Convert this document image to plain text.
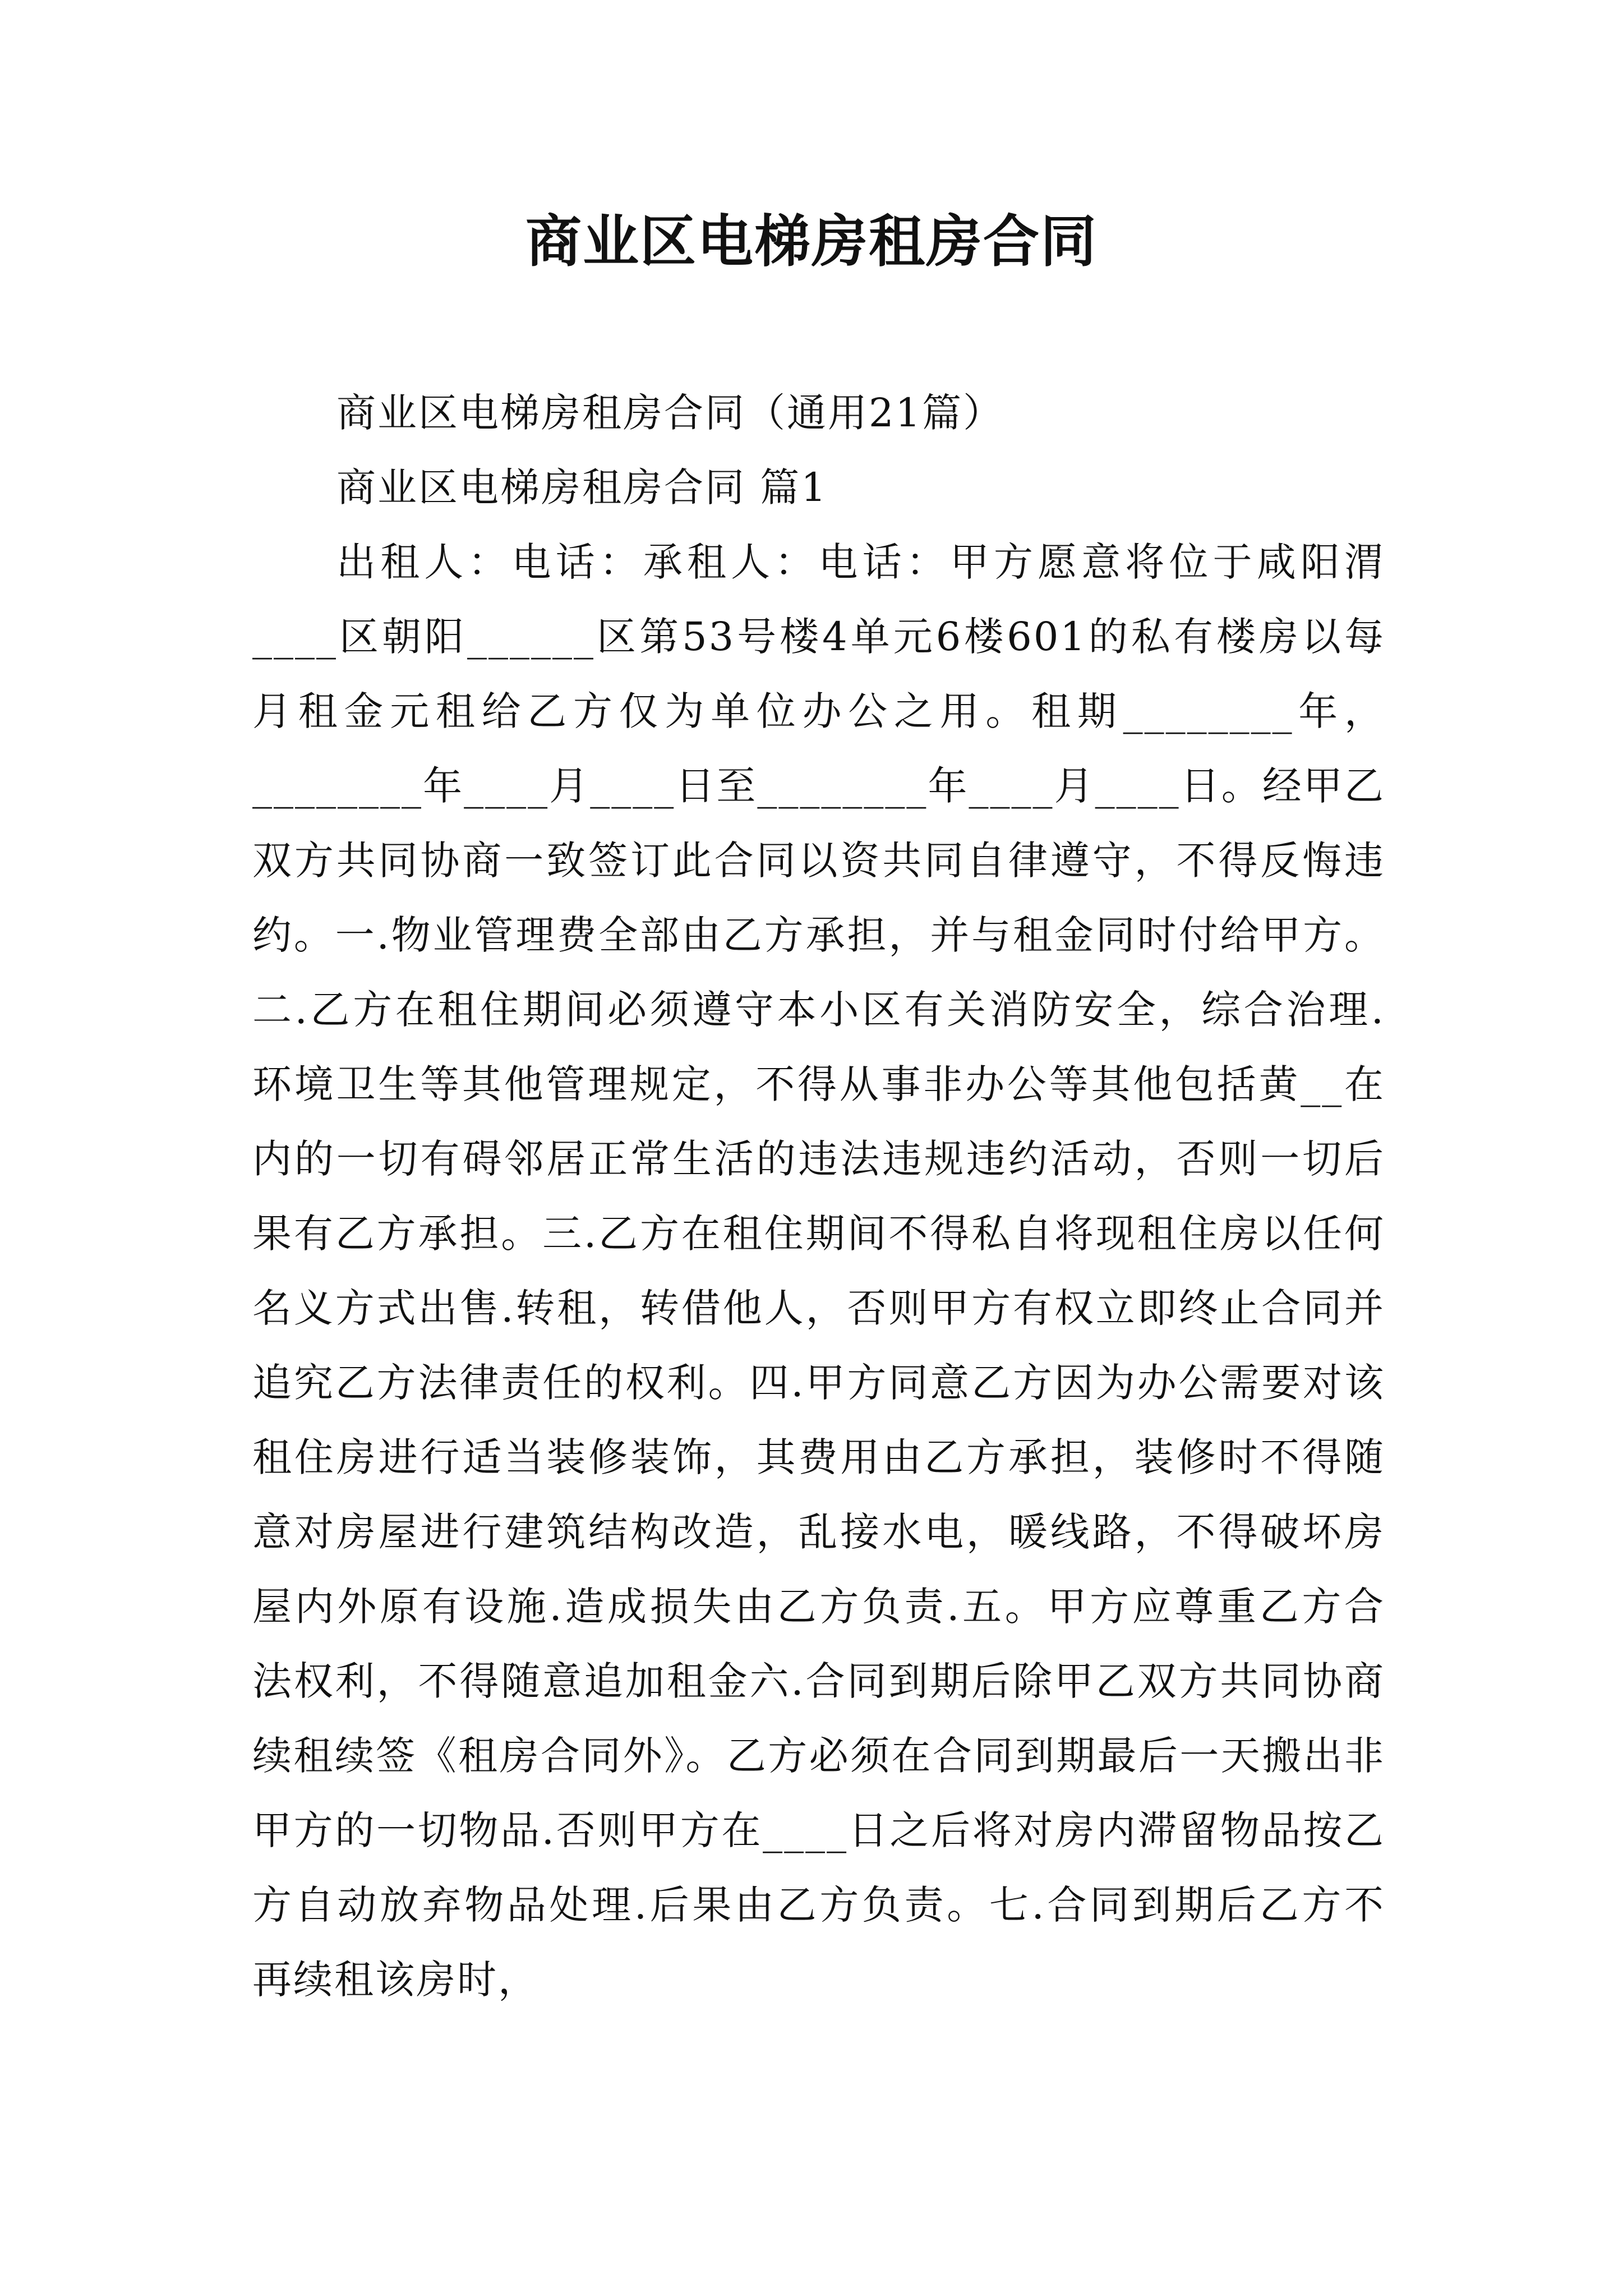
商业区电梯房租房合同

商业区电梯房租房合同（通用21篇）

商业区电梯房租房合同 篇1

出租人：电话：承租人：电话：甲方愿意将位于咸阳渭____区朝阳______区第53号楼4单元6楼601的私有楼房以每月租金元租给乙方仅为单位办公之用。租期________年，________年____月____日至________年____月____日。经甲乙双方共同协商一致签订此合同以资共同自律遵守，不得反悔违约。一.物业管理费全部由乙方承担，并与租金同时付给甲方。二.乙方在租住期间必须遵守本小区有关消防安全，综合治理.环境卫生等其他管理规定，不得从事非办公等其他包括黄__在内的一切有碍邻居正常生活的违法违规违约活动，否则一切后果有乙方承担。三.乙方在租住期间不得私自将现租住房以任何名义方式出售.转租，转借他人，否则甲方有权立即终止合同并追究乙方法律责任的权利。四.甲方同意乙方因为办公需要对该租住房进行适当装修装饰，其费用由乙方承担，装修时不得随意对房屋进行建筑结构改造，乱接水电，暖线路，不得破坏房屋内外原有设施.造成损失由乙方负责.五。甲方应尊重乙方合法权利，不得随意追加租金六.合同到期后除甲乙双方共同协商续租续签《租房合同外》。乙方必须在合同到期最后一天搬出非甲方的一切物品.否则甲方在____日之后将对房内滞留物品按乙方自动放弃物品处理.后果由乙方负责。七.合同到期后乙方不再续租该房时，
